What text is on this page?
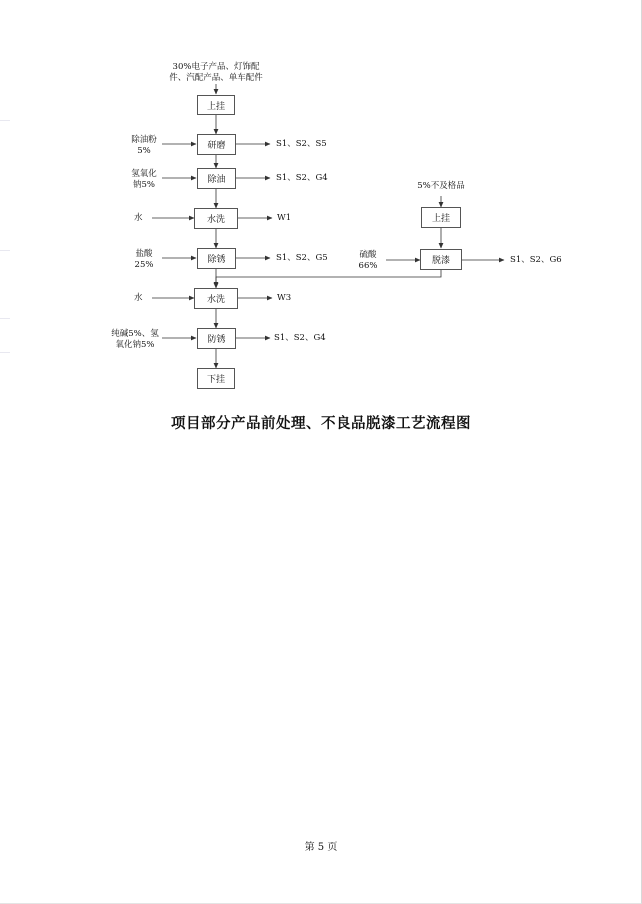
30%电子产品、灯饰配
件、汽配产品、单车配件
上挂
研磨
除油
水洗
除锈
水洗
防锈
下挂
上挂
脱漆
除油粉
5%
氢氧化
钠5%
水
盐酸
25%
水
纯碱5%、氢
氧化钠5%
S1、S2、S5
S1、S2、G4
W1
S1、S2、G5
W3
S1、S2、G4
5%不及格品
硫酸
66%
S1、S2、G6
项目部分产品前处理、不良品脱漆工艺流程图
第 5 页
